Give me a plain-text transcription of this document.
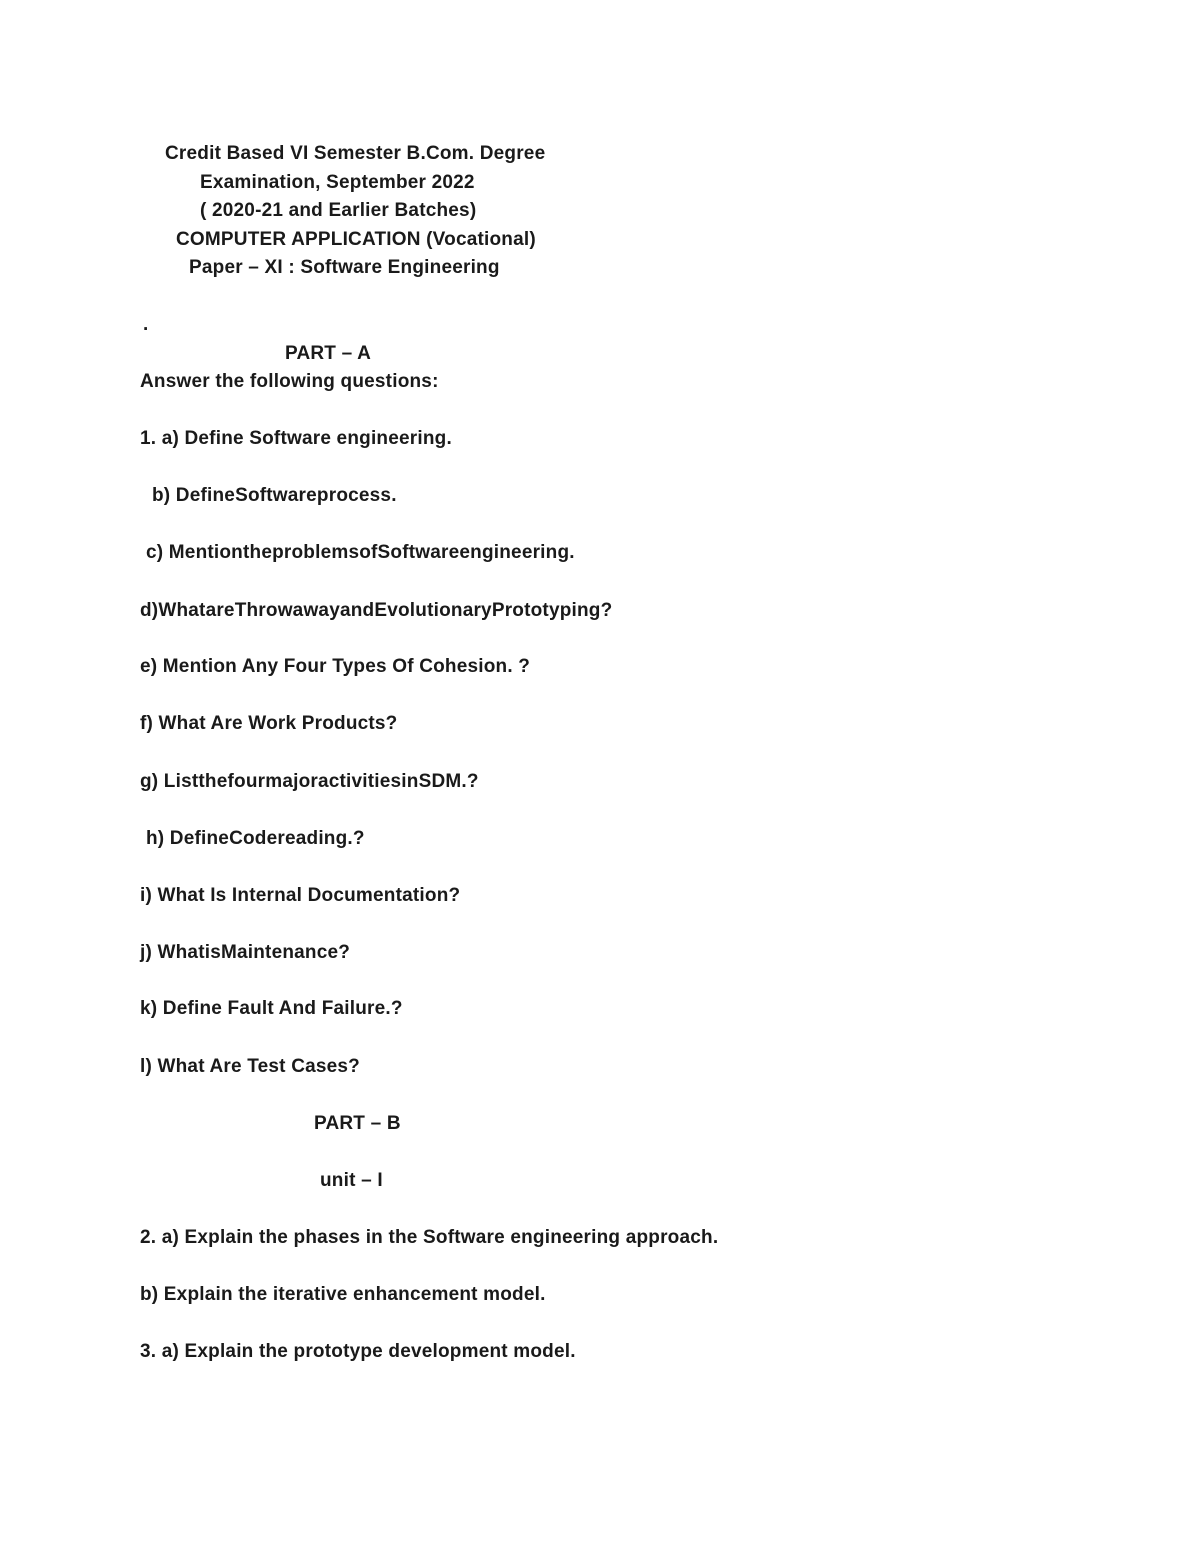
Credit Based VI Semester B.Com. Degree
Examination, September 2022
( 2020-21 and Earlier Batches)
COMPUTER APPLICATION (Vocational)
Paper – XI : Software Engineering
.
PART – A
Answer the following questions:
1. a) Define Software engineering.
b) DefineSoftwareprocess.
c) MentiontheproblemsofSoftwareengineering.
d)WhatareThrowawayandEvolutionaryPrototyping?
e) Mention Any Four Types Of Cohesion. ?
f) What Are Work Products?
g) ListthefourmajoractivitiesinSDM.?
h) DefineCodereading.?
i) What Is Internal Documentation?
j) WhatisMaintenance?
k) Define Fault And Failure.?
l) What Are Test Cases?
PART – B
unit – I
2. a) Explain the phases in the Software engineering approach.
b) Explain the iterative enhancement model.
3. a) Explain the prototype development model.
